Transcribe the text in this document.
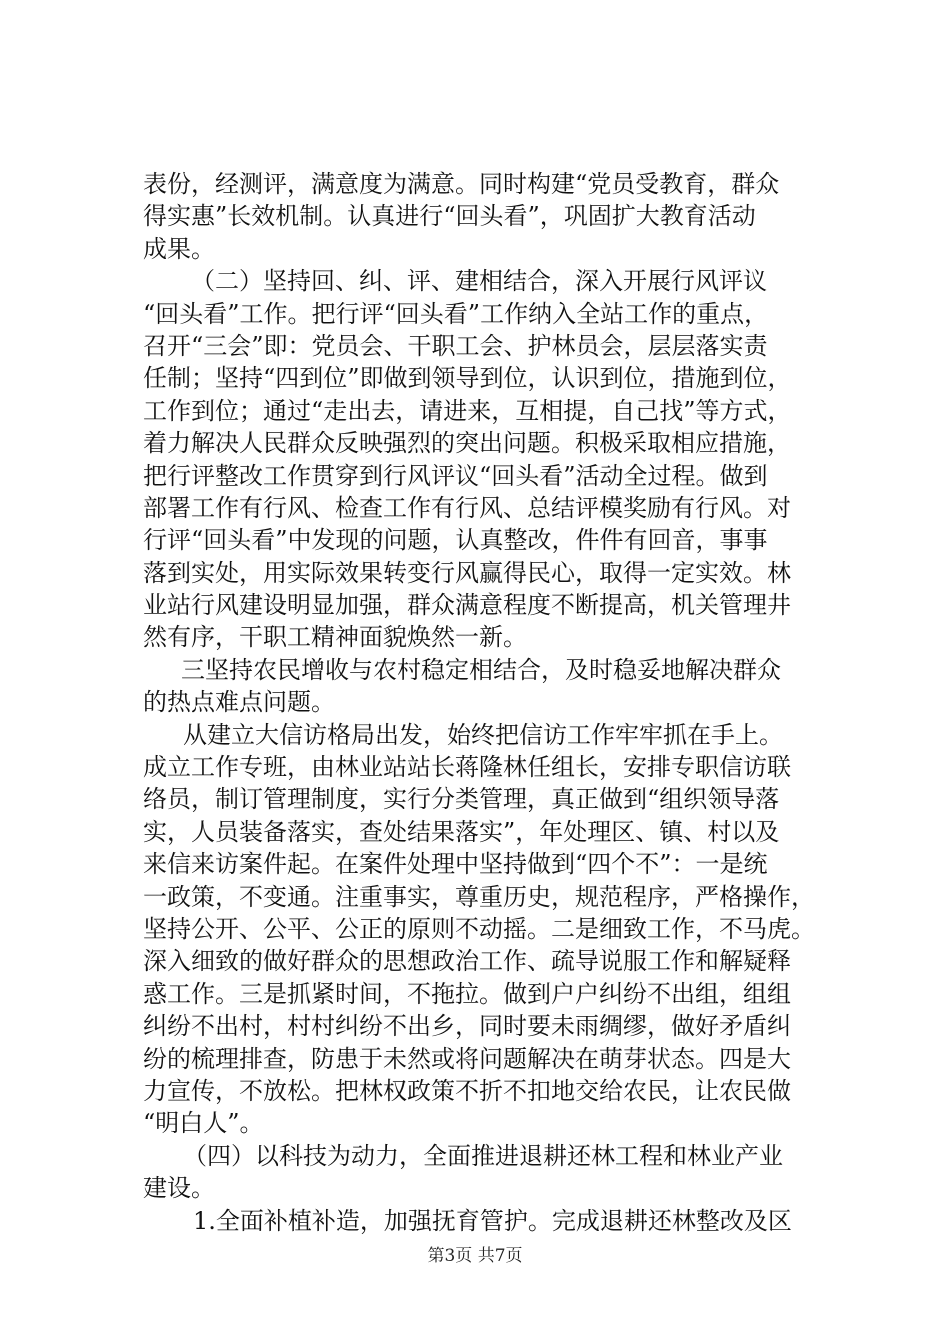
表份，经测评，满意度为满意。同时构建“党员受教育，群众
得实惠”长效机制。认真进行“回头看”，巩固扩大教育活动
成果。
（二）坚持回、纠、评、建相结合，深入开展行风评议
“回头看”工作。把行评“回头看”工作纳入全站工作的重点，
召开“三会”即：党员会、干职工会、护林员会，层层落实责
任制；坚持“四到位”即做到领导到位，认识到位，措施到位，
工作到位；通过“走出去，请进来，互相提，自己找”等方式，
着力解决人民群众反映强烈的突出问题。积极采取相应措施，
把行评整改工作贯穿到行风评议“回头看”活动全过程。做到
部署工作有行风、检查工作有行风、总结评模奖励有行风。对
行评“回头看”中发现的问题，认真整改，件件有回音，事事
落到实处，用实际效果转变行风赢得民心，取得一定实效。林
业站行风建设明显加强，群众满意程度不断提高，机关管理井
然有序，干职工精神面貌焕然一新。
三坚持农民增收与农村稳定相结合，及时稳妥地解决群众
的热点难点问题。
从建立大信访格局出发，始终把信访工作牢牢抓在手上。
成立工作专班，由林业站站长蒋隆林任组长，安排专职信访联
络员，制订管理制度，实行分类管理，真正做到“组织领导落
实，人员装备落实，查处结果落实”，年处理区、镇、村以及
来信来访案件起。在案件处理中坚持做到“四个不”：一是统
一政策，不变通。注重事实，尊重历史，规范程序，严格操作，
坚持公开、公平、公正的原则不动摇。二是细致工作，不马虎。
深入细致的做好群众的思想政治工作、疏导说服工作和解疑释
惑工作。三是抓紧时间，不拖拉。做到户户纠纷不出组，组组
纠纷不出村，村村纠纷不出乡，同时要未雨绸缪，做好矛盾纠
纷的梳理排查，防患于未然或将问题解决在萌芽状态。四是大
力宣传，不放松。把林权政策不折不扣地交给农民，让农民做
“明白人”。
（四）以科技为动力，全面推进退耕还林工程和林业产业
建设。
1.全面补植补造，加强抚育管护。完成退耕还林整改及区
第3页 共7页
